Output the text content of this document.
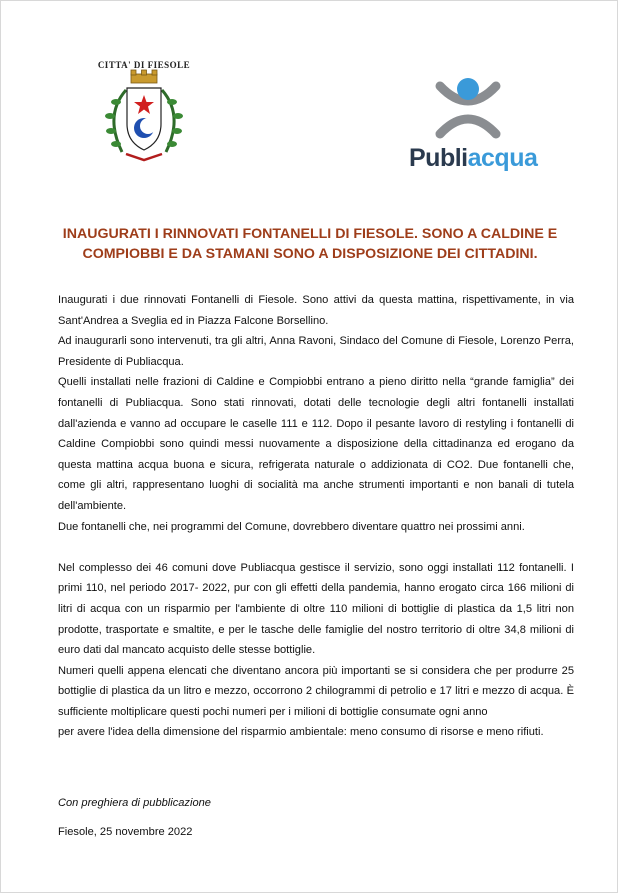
CITTA' DI FIESOLE
Publiacqua
INAUGURATI I RINNOVATI FONTANELLI DI FIESOLE. SONO A CALDINE E COMPIOBBI E DA STAMANI SONO A DISPOSIZIONE DEI CITTADINI.

Inaugurati i due rinnovati Fontanelli di Fiesole. Sono attivi da questa mattina, rispettivamente, in via Sant'Andrea a Sveglia ed in Piazza Falcone Borsellino.

Ad inaugurarli sono intervenuti, tra gli altri, Anna Ravoni, Sindaco del Comune di Fiesole, Lorenzo Perra, Presidente di Publiacqua.

Quelli installati nelle frazioni di Caldine e Compiobbi entrano a pieno diritto nella “grande famiglia” dei fontanelli di Publiacqua. Sono stati rinnovati, dotati delle tecnologie degli altri fontanelli installati dall'azienda e vanno ad occupare le caselle 111 e 112. Dopo il pesante lavoro di restyling i fontanelli di Caldine Compiobbi sono quindi messi nuovamente a disposizione della cittadinanza ed erogano da questa mattina acqua buona e sicura, refrigerata naturale o addizionata di CO2. Due fontanelli che, come gli altri, rappresentano luoghi di socialità ma anche strumenti importanti e non banali di tutela dell'ambiente.

Due fontanelli che, nei programmi del Comune, dovrebbero diventare quattro nei prossimi anni.

Nel complesso dei 46 comuni dove Publiacqua gestisce il servizio, sono oggi installati 112 fontanelli. I primi 110, nel periodo 2017- 2022, pur con gli effetti della pandemia, hanno erogato circa 166 milioni di litri di acqua con un risparmio per l'ambiente di oltre 110 milioni di bottiglie di plastica da 1,5 litri non prodotte, trasportate e smaltite, e per le tasche delle famiglie del nostro territorio di oltre 34,8 milioni di euro dati dal mancato acquisto delle stesse bottiglie.

Numeri quelli appena elencati che diventano ancora più importanti se si considera che per produrre 25 bottiglie di plastica da un litro e mezzo, occorrono 2 chilogrammi di petrolio e 17 litri e mezzo di acqua. È sufficiente moltiplicare questi pochi numeri per i milioni di bottiglie consumate ogni anno

per avere l'idea della dimensione del risparmio ambientale: meno consumo di risorse e meno rifiuti.

Con preghiera di pubblicazione
Fiesole, 25 novembre 2022
